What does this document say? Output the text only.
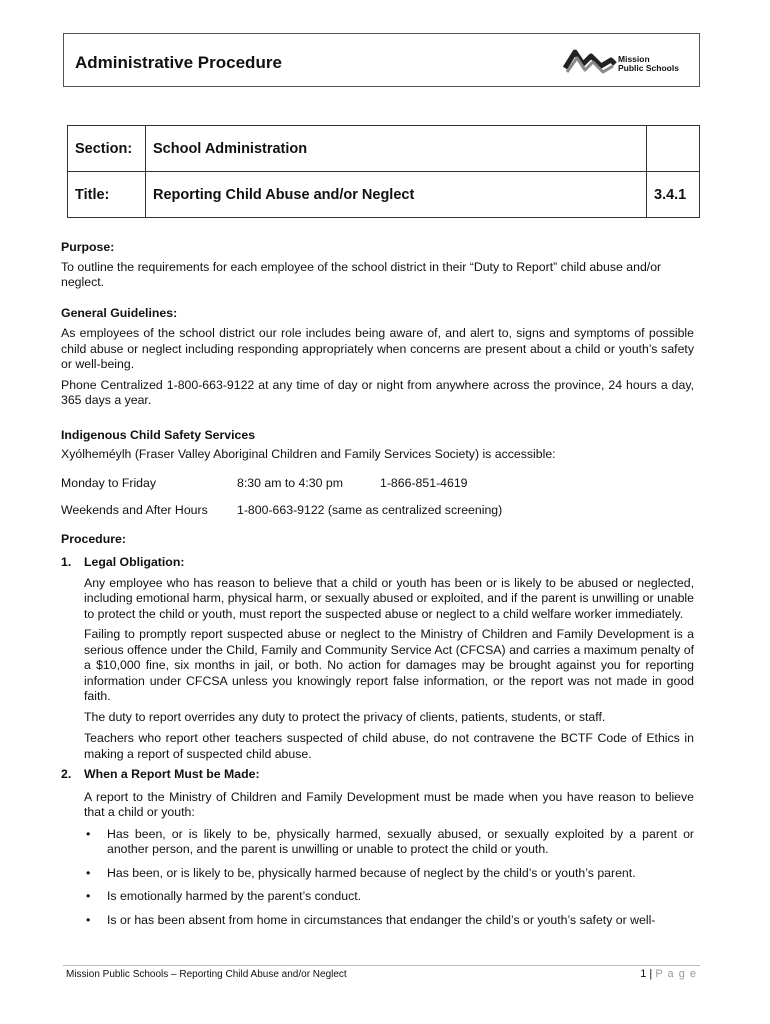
Administrative Procedure	Mission
Public Schools
Section:	School Administration	
Title:	Reporting Child Abuse and/or Neglect	3.4.1

Purpose:

To outline the requirements for each employee of the school district in their “Duty to Report” child abuse and/or neglect.

General Guidelines:

As employees of the school district our role includes being aware of, and alert to, signs and symptoms of possible child abuse or neglect including responding appropriately when concerns are present about a child or youth’s safety or well-being.

Phone Centralized 1-800-663-9122 at any time of day or night from anywhere across the province, 24 hours a day, 365 days a year.

Indigenous Child Safety Services

Xyólheméylh (Fraser Valley Aboriginal Children and Family Services Society) is accessible:

Monday to Friday	8:30 am to 4:30 pm	1-866-851-4619
Weekends and After Hours	1-800-663-9122 (same as centralized screening)

Procedure:

1. Legal Obligation:

Any employee who has reason to believe that a child or youth has been or is likely to be abused or neglected, including emotional harm, physical harm, or sexually abused or exploited, and if the parent is unwilling or unable to protect the child or youth, must report the suspected abuse or neglect to a child welfare worker immediately.

Failing to promptly report suspected abuse or neglect to the Ministry of Children and Family Development is a serious offence under the Child, Family and Community Service Act (CFCSA) and carries a maximum penalty of a $10,000 fine, six months in jail, or both. No action for damages may be brought against you for reporting information under CFCSA unless you knowingly report false information, or the report was not made in good faith.

The duty to report overrides any duty to protect the privacy of clients, patients, students, or staff.

Teachers who report other teachers suspected of child abuse, do not contravene the BCTF Code of Ethics in making a report of suspected child abuse.

2. When a Report Must be Made:

A report to the Ministry of Children and Family Development must be made when you have reason to believe that a child or youth:

• Has been, or is likely to be, physically harmed, sexually abused, or sexually exploited by a parent or another person, and the parent is unwilling or unable to protect the child or youth.
• Has been, or is likely to be, physically harmed because of neglect by the child’s or youth’s parent.
• Is emotionally harmed by the parent’s conduct.
• Is or has been absent from home in circumstances that endanger the child’s or youth’s safety or well-
Mission Public Schools – Reporting Child Abuse and/or Neglect	1 | P a g e
